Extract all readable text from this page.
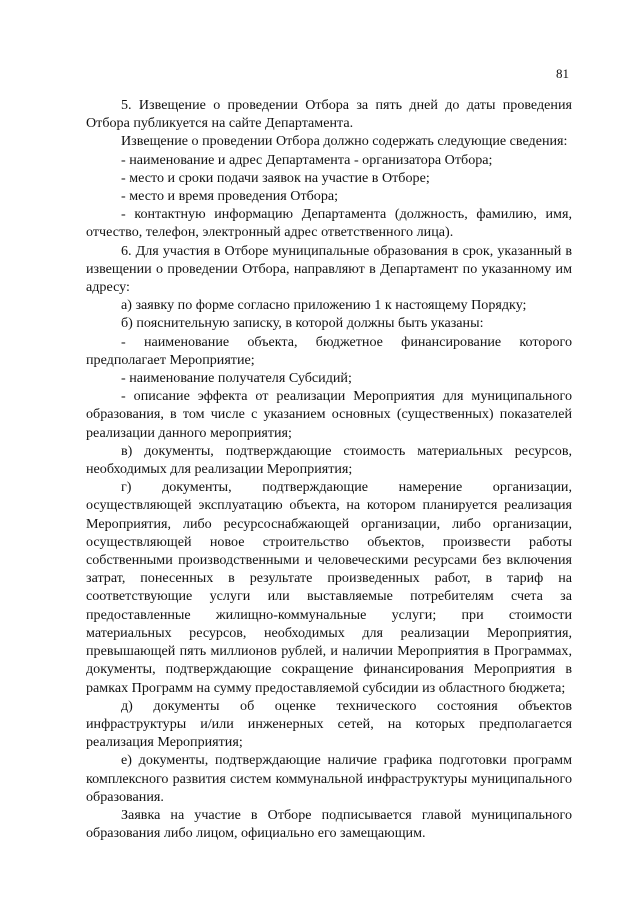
81

5. Извещение о проведении Отбора за пять дней до даты проведения Отбора публикуется на сайте Департамента.

Извещение о проведении Отбора должно содержать следующие сведения:

- наименование и адрес Департамента - организатора Отбора;

- место и сроки подачи заявок на участие в Отборе;

- место и время проведения Отбора;

- контактную информацию Департамента (должность, фамилию, имя, отчество, телефон, электронный адрес ответственного лица).

6. Для участия в Отборе муниципальные образования в срок, указанный в извещении о проведении Отбора, направляют в Департамент по указанному им адресу:

а) заявку по форме согласно приложению 1 к настоящему Порядку;

б) пояснительную записку, в которой должны быть указаны:

- наименование объекта, бюджетное финансирование которого предполагает Мероприятие;

- наименование получателя Субсидий;

- описание эффекта от реализации Мероприятия для муниципального образования, в том числе с указанием основных (существенных) показателей реализации данного мероприятия;

в) документы, подтверждающие стоимость материальных ресурсов, необходимых для реализации Мероприятия;

г) документы, подтверждающие намерение организации, осуществляющей эксплуатацию объекта, на котором планируется реализация Мероприятия, либо ресурсоснабжающей организации, либо организации, осуществляющей новое строительство объектов, произвести работы собственными производственными и человеческими ресурсами без включения затрат, понесенных в результате произведенных работ, в тариф на соответствующие услуги или выставляемые потребителям счета за предоставленные жилищно-коммунальные услуги; при стоимости материальных ресурсов, необходимых для реализации Мероприятия, превышающей пять миллионов рублей, и наличии Мероприятия в Программах, документы, подтверждающие сокращение финансирования Мероприятия в рамках Программ на сумму предоставляемой субсидии из областного бюджета;

д) документы об оценке технического состояния объектов инфраструктуры и/или инженерных сетей, на которых предполагается реализация Мероприятия;

е) документы, подтверждающие наличие графика подготовки программ комплексного развития систем коммунальной инфраструктуры муниципального образования.

Заявка на участие в Отборе подписывается главой муниципального образования либо лицом, официально его замещающим.
